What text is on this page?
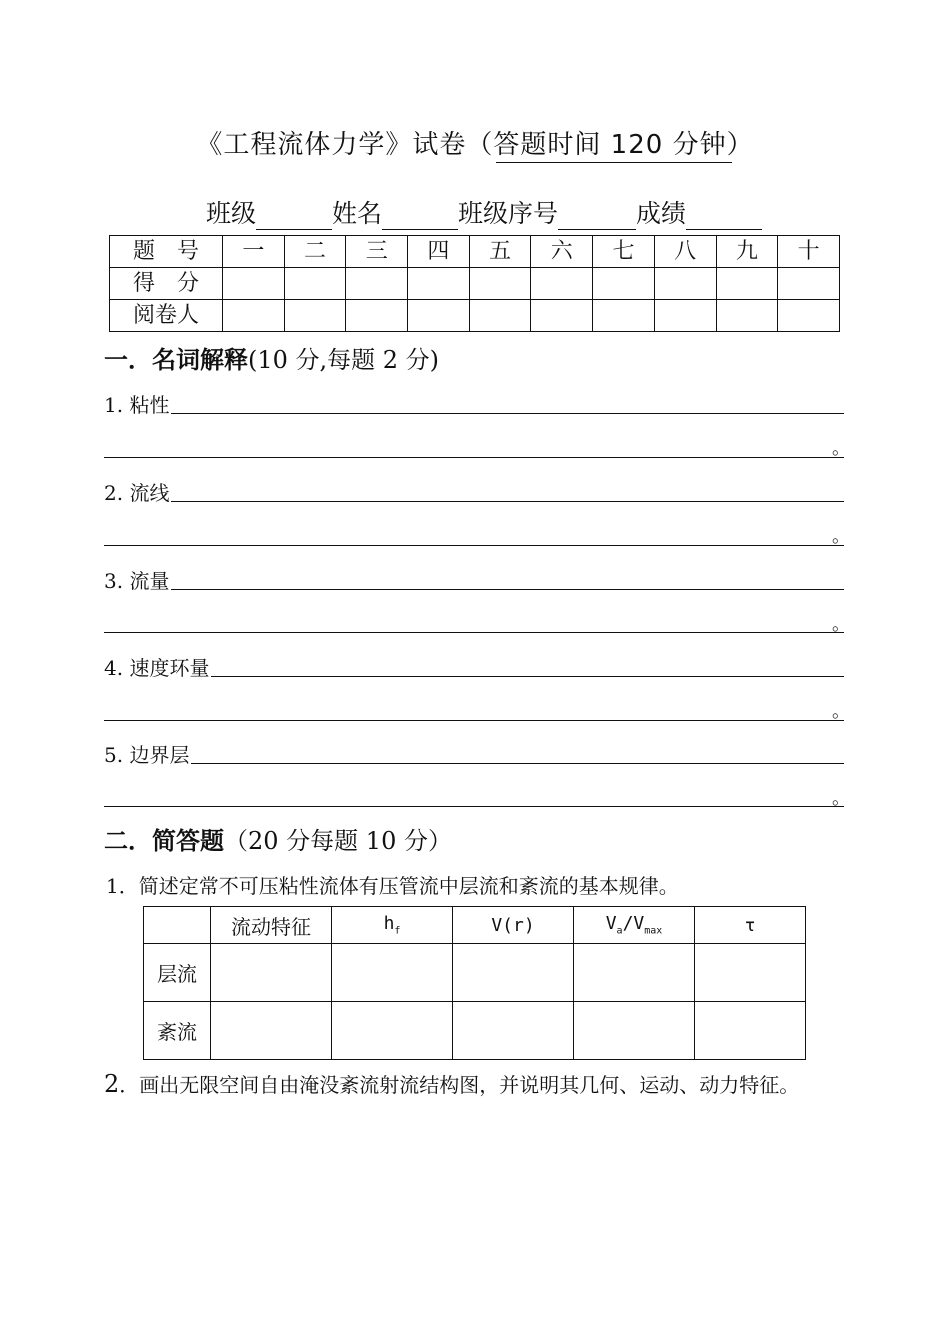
《工程流体力学》试卷（答题时间 120 分钟）
班级	姓名	班级序号	成绩
题　号	一	二	三	四	五	六	七	八	九	十
得　分										
阅卷人										
一．名词解释(10 分,每题 2 分)
1. 粘性
。
2. 流线
。
3. 流量
。
4. 速度环量
。
5. 边界层
。
二．简答题（20 分每题 10 分）
1．简述定常不可压粘性流体有压管流中层流和紊流的基本规律。
	流动特征	$h_f$	V(r)	$V_a/V_{max}$	τ
层流					
紊流					
2．画出无限空间自由淹没紊流射流结构图，并说明其几何、运动、动力特征。
